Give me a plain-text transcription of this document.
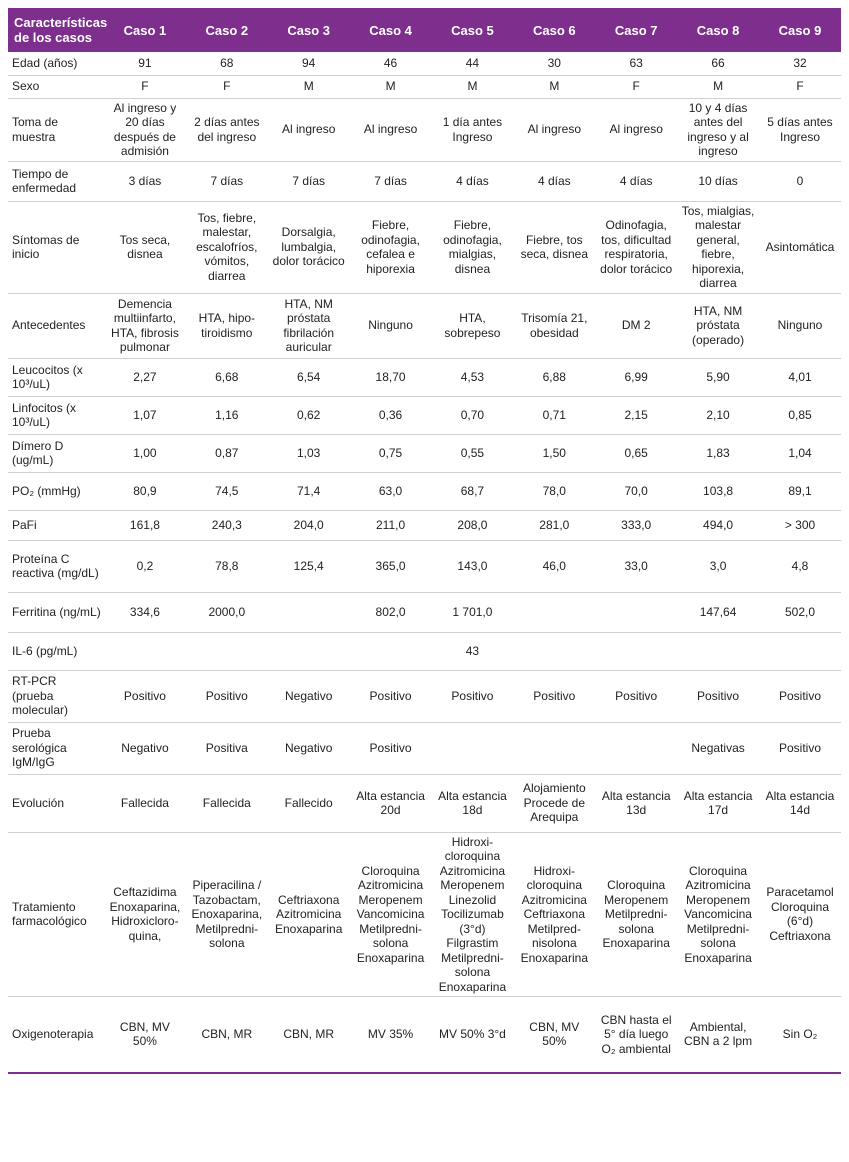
Características de los casos	Caso 1	Caso 2	Caso 3	Caso 4	Caso 5	Caso 6	Caso 7	Caso 8	Caso 9
Edad (años)	91	68	94	46	44	30	63	66	32
Sexo	F	F	M	M	M	M	F	M	F
Toma de muestra	Al ingreso y 20 días después de admisión	2 días antes del ingreso	Al ingreso	Al ingreso	1 día antes Ingreso	Al ingreso	Al ingreso	10 y 4 días antes del ingreso y al ingreso	5 días antes Ingreso
Tiempo de enfermedad	3 días	7 días	7 días	7 días	4 días	4 días	4 días	10 días	0
Síntomas de inicio	Tos seca, disnea	Tos, fiebre, malestar, escalofríos, vómitos, diarrea	Dorsalgia, lumbalgia, dolor torácico	Fiebre, odinofagia, cefalea e hiporexia	Fiebre, odinofagia, mialgias, disnea	Fiebre, tos seca, disnea	Odinofagia, tos, dificultad respiratoria, dolor torácico	Tos, mialgias, malestar general, fiebre, hiporexia, diarrea	Asintomática
Antecedentes	Demencia multiinfarto, HTA, fibrosis pulmonar	HTA, hipo-tiroidismo	HTA, NM próstata fibrilación auricular	Ninguno	HTA, sobrepeso	Trisomía 21, obesidad	DM 2	HTA, NM próstata (operado)	Ninguno
Leucocitos (x 10³/uL)	2,27	6,68	6,54	18,70	4,53	6,88	6,99	5,90	4,01
Linfocitos (x 10³/uL)	1,07	1,16	0,62	0,36	0,70	0,71	2,15	2,10	0,85
Dímero D (ug/mL)	1,00	0,87	1,03	0,75	0,55	1,50	0,65	1,83	1,04
PO₂ (mmHg)	80,9	74,5	71,4	63,0	68,7	78,0	70,0	103,8	89,1
PaFi	161,8	240,3	204,0	211,0	208,0	281,0	333,0	494,0	> 300
Proteína C reactiva (mg/dL)	0,2	78,8	125,4	365,0	143,0	46,0	33,0	3,0	4,8
Ferritina (ng/mL)	334,6	2000,0		802,0	1 701,0			147,64	502,0
IL-6 (pg/mL)					43				
RT-PCR (prueba molecular)	Positivo	Positivo	Negativo	Positivo	Positivo	Positivo	Positivo	Positivo	Positivo
Prueba serológica IgM/IgG	Negativo	Positiva	Negativo	Positivo				Negativas	Positivo
Evolución	Fallecida	Fallecida	Fallecido	Alta estancia 20d	Alta estancia 18d	Alojamiento Procede de Arequipa	Alta estancia 13d	Alta estancia 17d	Alta estancia 14d
Tratamiento farmacológico	Ceftazidima Enoxaparina, Hidroxicloro-quina,	Piperacilina / Tazobactam, Enoxaparina, Metilpredni-solona	Ceftriaxona Azitromicina Enoxaparina	Cloroquina Azitromicina Meropenem Vancomicina Metilpredni-solona Enoxaparina	Hidroxi-cloroquina Azitromicina Meropenem Linezolid Tocilizumab (3°d) Filgrastim Metilpredni-solona Enoxaparina	Hidroxi-cloroquina Azitromicina Ceftriaxona Metilpred-nisolona Enoxaparina	Cloroquina Meropenem Metilpredni-solona Enoxaparina	Cloroquina Azitromicina Meropenem Vancomicina Metilpredni-solona Enoxaparina	Paracetamol Cloroquina (6°d) Ceftriaxona
Oxigenoterapia	CBN, MV 50%	CBN, MR	CBN, MR	MV 35%	MV 50% 3°d	CBN, MV 50%	CBN hasta el 5° día luego O₂ ambiental	Ambiental, CBN a 2 lpm	Sin O₂
